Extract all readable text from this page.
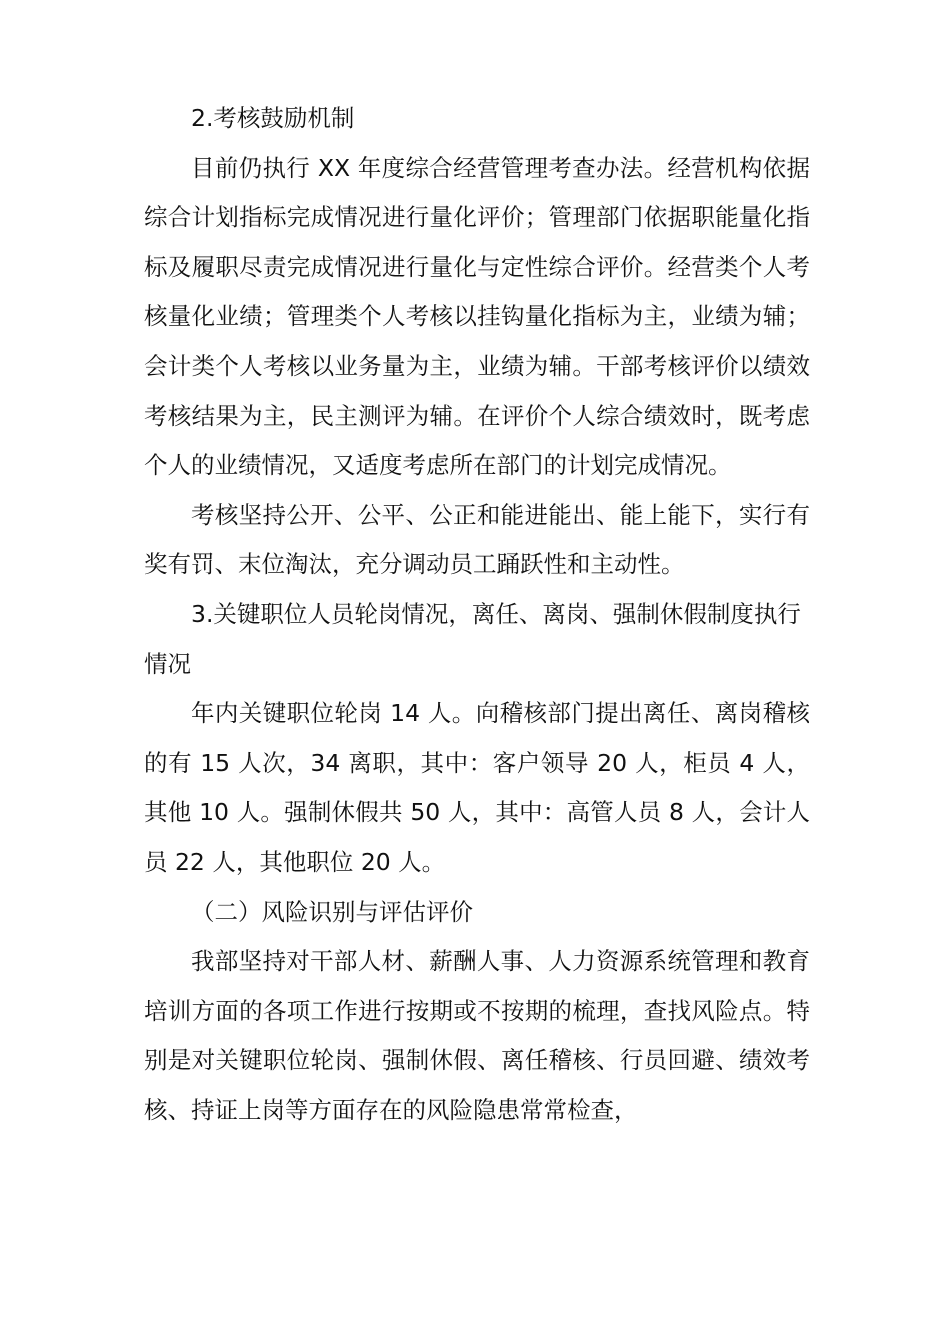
2.考核鼓励机制

目前仍执行 XX 年度综合经营管理考查办法。经营机构依据综合计划指标完成情况进行量化评价；管理部门依据职能量化指标及履职尽责完成情况进行量化与定性综合评价。经营类个人考核量化业绩；管理类个人考核以挂钩量化指标为主，业绩为辅；会计类个人考核以业务量为主，业绩为辅。干部考核评价以绩效考核结果为主，民主测评为辅。在评价个人综合绩效时，既考虑个人的业绩情况，又适度考虑所在部门的计划完成情况。

考核坚持公开、公平、公正和能进能出、能上能下，实行有奖有罚、末位淘汰，充分调动员工踊跃性和主动性。

3.关键职位人员轮岗情况，离任、离岗、强制休假制度执行情况

年内关键职位轮岗 14 人。向稽核部门提出离任、离岗稽核的有 15 人次，34 离职，其中：客户领导 20 人，柜员 4 人，其他 10 人。强制休假共 50 人，其中：高管人员 8 人，会计人员 22 人，其他职位 20 人。

（二）风险识别与评估评价

我部坚持对干部人材、薪酬人事、人力资源系统管理和教育培训方面的各项工作进行按期或不按期的梳理，查找风险点。特别是对关键职位轮岗、强制休假、离任稽核、行员回避、绩效考核、持证上岗等方面存在的风险隐患常常检查，
